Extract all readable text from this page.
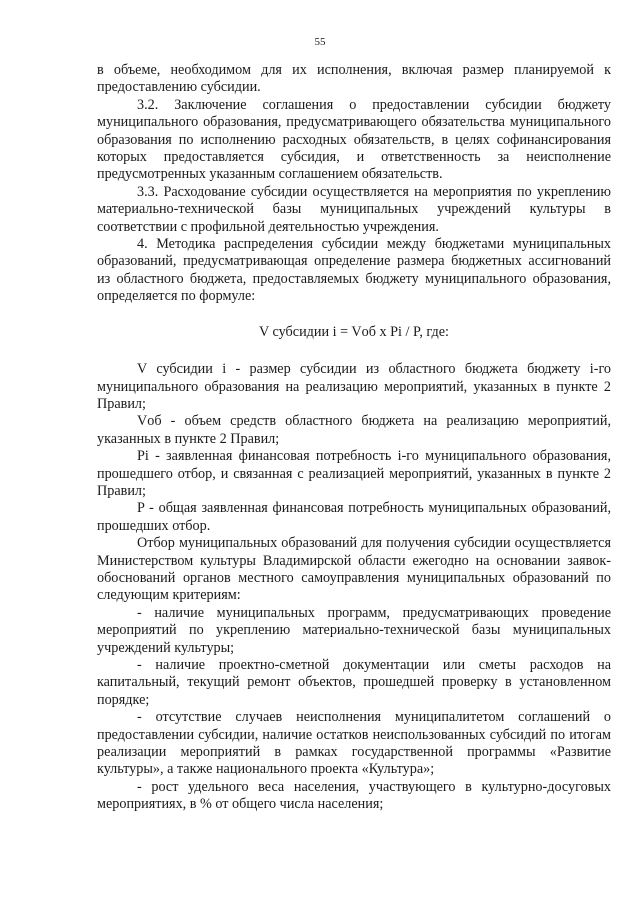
55

в объеме, необходимом для их исполнения, включая размер планируемой к предоставлению субсидии.

3.2. Заключение соглашения о предоставлении субсидии бюджету муниципального образования, предусматривающего обязательства муниципального образования по исполнению расходных обязательств, в целях софинансирования которых предоставляется субсидия, и ответственность за неисполнение предусмотренных указанным соглашением обязательств.

3.3. Расходование субсидии осуществляется на мероприятия по укреплению материально-технической базы муниципальных учреждений культуры в соответствии с профильной деятельностью учреждения.

4. Методика распределения субсидии между бюджетами муниципальных образований, предусматривающая определение размера бюджетных ассигнований из областного бюджета, предоставляемых бюджету муниципального образования, определяется по формуле:

V субсидии i = Vоб x Pi / P, где:

V субсидии i - размер субсидии из областного бюджета бюджету i-го муниципального образования на реализацию мероприятий, указанных в пункте 2 Правил;

Vоб - объем средств областного бюджета на реализацию мероприятий, указанных в пункте 2 Правил;

Pi - заявленная финансовая потребность i-го муниципального образования, прошедшего отбор, и связанная с реализацией мероприятий, указанных в пункте 2 Правил;

P - общая заявленная финансовая потребность муниципальных образований, прошедших отбор.

Отбор муниципальных образований для получения субсидии осуществляется Министерством культуры Владимирской области ежегодно на основании заявок-обоснований органов местного самоуправления муниципальных образований по следующим критериям:

- наличие муниципальных программ, предусматривающих проведение мероприятий по укреплению материально-технической базы муниципальных учреждений культуры;

- наличие проектно-сметной документации или сметы расходов на капитальный, текущий ремонт объектов, прошедшей проверку в установленном порядке;

- отсутствие случаев неисполнения муниципалитетом соглашений о предоставлении субсидии, наличие остатков неиспользованных субсидий по итогам реализации мероприятий в рамках государственной программы «Развитие культуры», а также национального проекта «Культура»;

- рост удельного веса населения, участвующего в культурно-досуговых мероприятиях, в % от общего числа населения;
